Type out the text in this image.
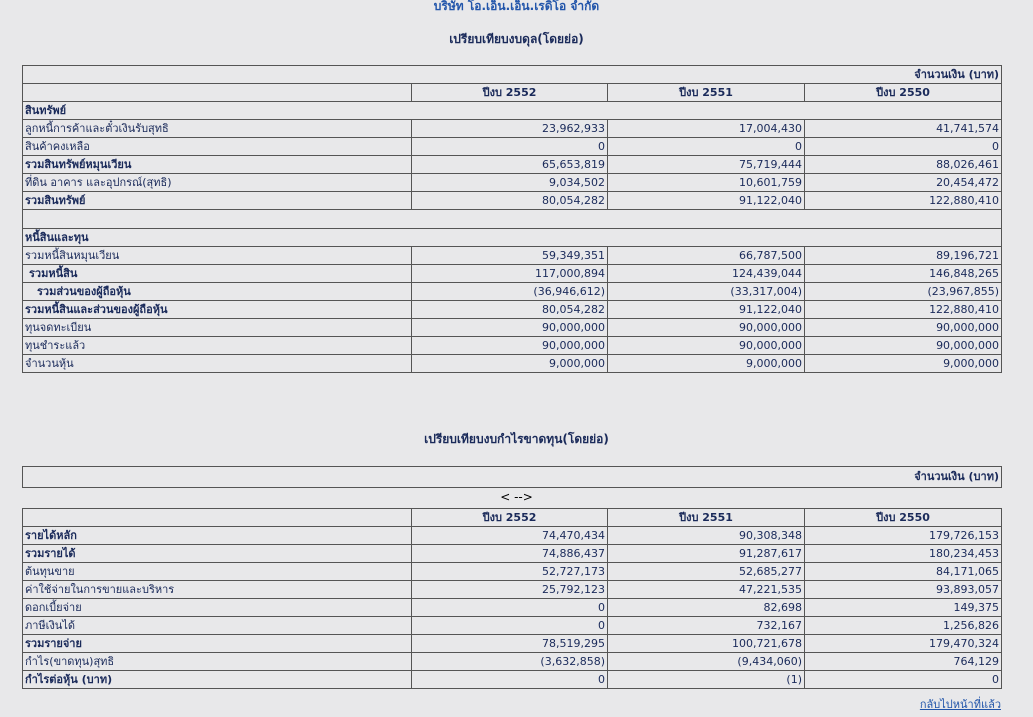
บริษัท โอ.เอ็น.เอ็น.เรดิโอ จำกัด
เปรียบเทียบงบดุล(โดยย่อ)
จำนวนเงิน (บาท)			
	ปีงบ 2552	ปีงบ 2551	ปีงบ 2550
สินทรัพย์			
ลูกหนี้การค้าและตั๋วเงินรับสุทธิ	23,962,933	17,004,430	41,741,574
สินค้าคงเหลือ	0	0	0
รวมสินทรัพย์หมุนเวียน	65,653,819	75,719,444	88,026,461
ที่ดิน อาคาร และอุปกรณ์(สุทธิ)	9,034,502	10,601,759	20,454,472
รวมสินทรัพย์	80,054,282	91,122,040	122,880,410

หนี้สินและทุน			
รวมหนี้สินหมุนเวียน	59,349,351	66,787,500	89,196,721
รวมหนี้สิน	117,000,894	124,439,044	146,848,265
รวมส่วนของผู้ถือหุ้น	(36,946,612)	(33,317,004)	(23,967,855)
รวมหนี้สินและส่วนของผู้ถือหุ้น	80,054,282	91,122,040	122,880,410
ทุนจดทะเบียน	90,000,000	90,000,000	90,000,000
ทุนชำระแล้ว	90,000,000	90,000,000	90,000,000
จำนวนหุ้น	9,000,000	9,000,000	9,000,000
เปรียบเทียบงบกำไรขาดทุน(โดยย่อ)
จำนวนเงิน (บาท)
< -->
	ปีงบ 2552	ปีงบ 2551	ปีงบ 2550
รายได้หลัก	74,470,434	90,308,348	179,726,153
รวมรายได้	74,886,437	91,287,617	180,234,453
ต้นทุนขาย	52,727,173	52,685,277	84,171,065
ค่าใช้จ่ายในการขายและบริหาร	25,792,123	47,221,535	93,893,057
ดอกเบี้ยจ่าย	0	82,698	149,375
ภาษีเงินได้	0	732,167	1,256,826
รวมรายจ่าย	78,519,295	100,721,678	179,470,324
กำไร(ขาดทุน)สุทธิ	(3,632,858)	(9,434,060)	764,129
กำไรต่อหุ้น (บาท)	0	(1)	0
กลับไปหน้าที่แล้ว
